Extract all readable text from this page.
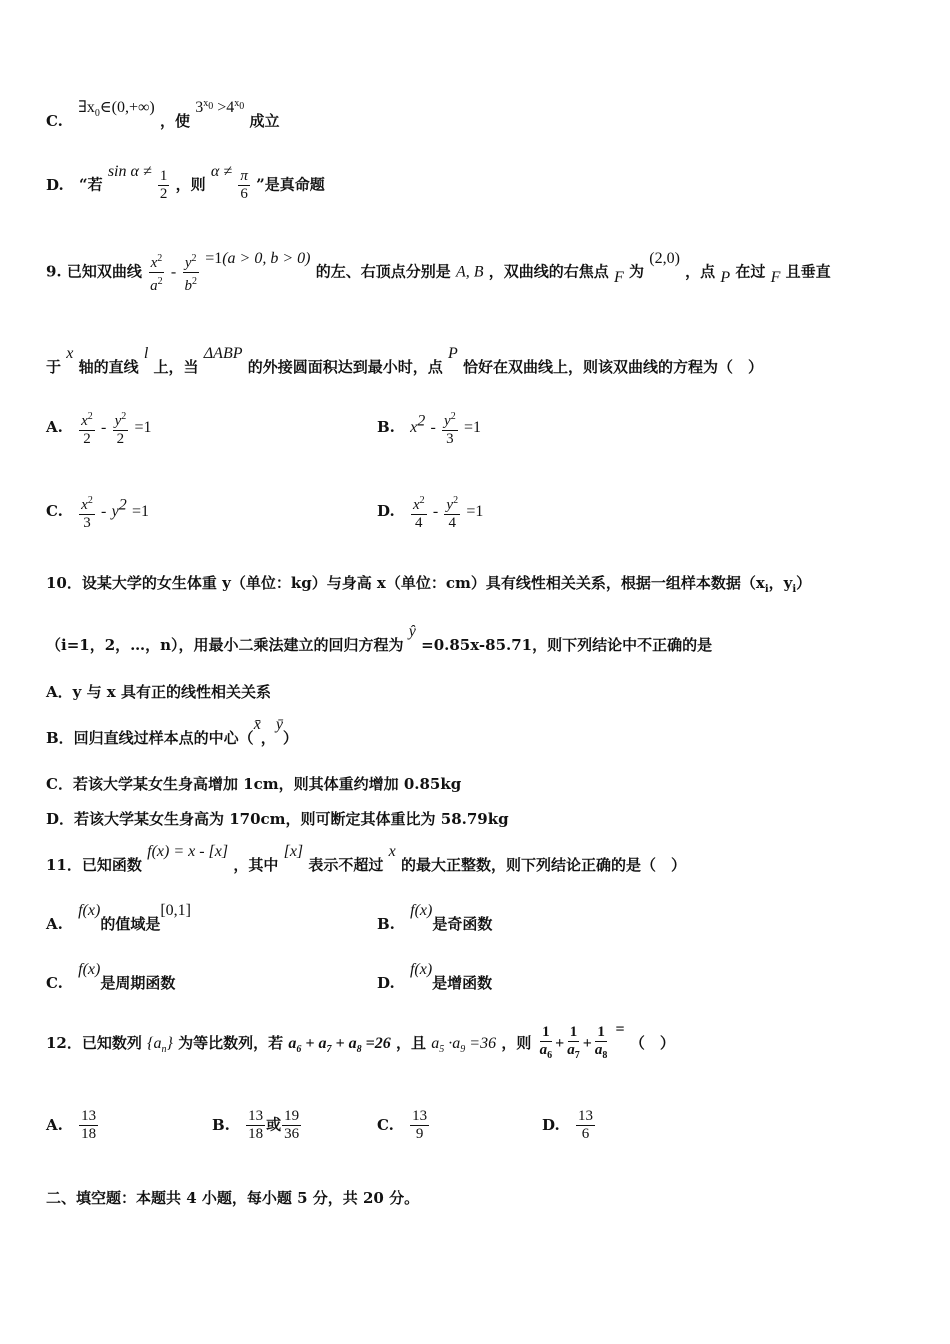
C. $\exists x_0\in(0,+\infty)$ ，使 $3^{x_0} >4^{x_0}$ 成立
D. “若 $\sin \alpha \ne \frac{1}{2}$ ，则 $\alpha \ne \frac{\pi}{6}$ ”是真命题
9. 已知双曲线 $\frac{x^2}{a^2} - \frac{y^2}{b^2} =1(a > 0$, b > 0) 的左、右顶点分别是 A, B ，双曲线的右焦点 F 为 (2,0) ，点 P 在过 F 且垂直
于 x 轴的直线 l 上，当 ΔABP 的外接圆面积达到最小时，点 P 恰好在双曲线上，则该双曲线的方程为（　）
A. $\frac{x^2}{2} - \frac{y^2}{2} =1$	B. $x^2 - \frac{y^2}{3} =1$
C. $\frac{x^2}{3} - y^2 =1$	D. $\frac{x^2}{4} - \frac{y^2}{4} =1$
10．设某大学的女生体重 y（单位：kg）与身高 x（单位：cm）具有线性相关关系，根据一组样本数据（$x_i$，$y_i$）
（i=1，2，…，n），用最小二乘法建立的回归方程为 ŷ =0.85x-85.71，则下列结论中不正确的是
A．y 与 x 具有正的线性相关关系
B．回归直线过样本点的中心（x̄，ȳ）
C．若该大学某女生身高增加 1cm，则其体重约增加 0.85kg
D．若该大学某女生身高为 170cm，则可断定其体重比为 58.79kg
11．已知函数 f(x) = x - [x] ，其中 [x] 表示不超过 x 的最大正整数，则下列结论正确的是（　）
A. f(x)的值域是[0,1]
B. f(x)是奇函数
C. f(x)是周期函数	D. f(x)是增函数
12．已知数列 $\{a_n\}$ 为等比数列，若 $a_6 + a_7 + a_8 =26$ ，且 $a_5 \cdot a_9 =36$ ，则 $\frac{1}{a_6} + \frac{1}{a_7} + \frac{1}{a_8}$ = （　）
A. $\frac{13}{18}$	B. $\frac{13}{18}$ 或 $\frac{19}{36}$	C. $\frac{13}{9}$	D. $\frac{13}{6}$
二、填空题：本题共 4 小题，每小题 5 分，共 20 分。
